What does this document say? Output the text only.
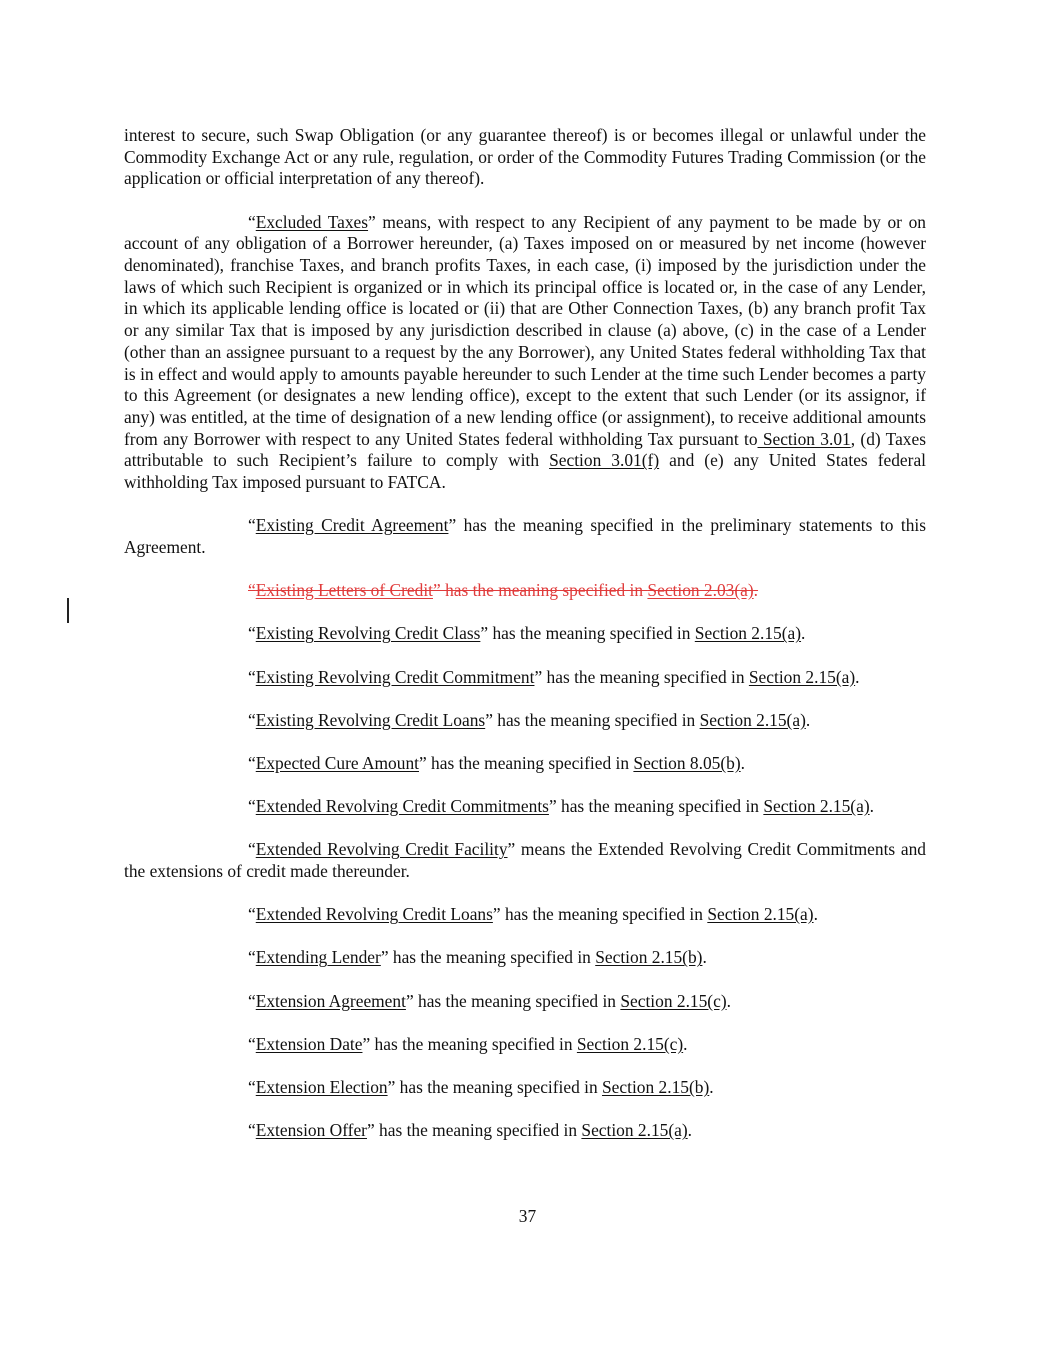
interest to secure, such Swap Obligation (or any guarantee thereof) is or becomes illegal or unlawful under the Commodity Exchange Act or any rule, regulation, or order of the Commodity Futures Trading Commission (or the application or official interpretation of any thereof).

“Excluded Taxes” means, with respect to any Recipient of any payment to be made by or on account of any obligation of a Borrower hereunder, (a) Taxes imposed on or measured by net income (however denominated), franchise Taxes, and branch profits Taxes, in each case, (i) imposed by the jurisdiction under the laws of which such Recipient is organized or in which its principal office is located or, in the case of any Lender, in which its applicable lending office is located or (ii) that are Other Connection Taxes, (b) any branch profit Tax or any similar Tax that is imposed by any jurisdiction described in clause (a) above, (c) in the case of a Lender (other than an assignee pursuant to a request by the any Borrower), any United States federal withholding Tax that is in effect and would apply to amounts payable hereunder to such Lender at the time such Lender becomes a party to this Agreement (or designates a new lending office), except to the extent that such Lender (or its assignor, if any) was entitled, at the time of designation of a new lending office (or assignment), to receive additional amounts from any Borrower with respect to any United States federal withholding Tax pursuant to Section 3.01, (d) Taxes attributable to such Recipient’s failure to comply with Section 3.01(f) and (e) any United States federal withholding Tax imposed pursuant to FATCA.

“Existing Credit Agreement” has the meaning specified in the preliminary statements to this Agreement.

“Existing Letters of Credit” has the meaning specified in Section 2.03(a).

“Existing Revolving Credit Class” has the meaning specified in Section 2.15(a).

“Existing Revolving Credit Commitment” has the meaning specified in Section 2.15(a).

“Existing Revolving Credit Loans” has the meaning specified in Section 2.15(a).

“Expected Cure Amount” has the meaning specified in Section 8.05(b).

“Extended Revolving Credit Commitments” has the meaning specified in Section 2.15(a).

“Extended Revolving Credit Facility” means the Extended Revolving Credit Commitments and the extensions of credit made thereunder.

“Extended Revolving Credit Loans” has the meaning specified in Section 2.15(a).

“Extending Lender” has the meaning specified in Section 2.15(b).

“Extension Agreement” has the meaning specified in Section 2.15(c).

“Extension Date” has the meaning specified in Section 2.15(c).

“Extension Election” has the meaning specified in Section 2.15(b).

“Extension Offer” has the meaning specified in Section 2.15(a).

37
